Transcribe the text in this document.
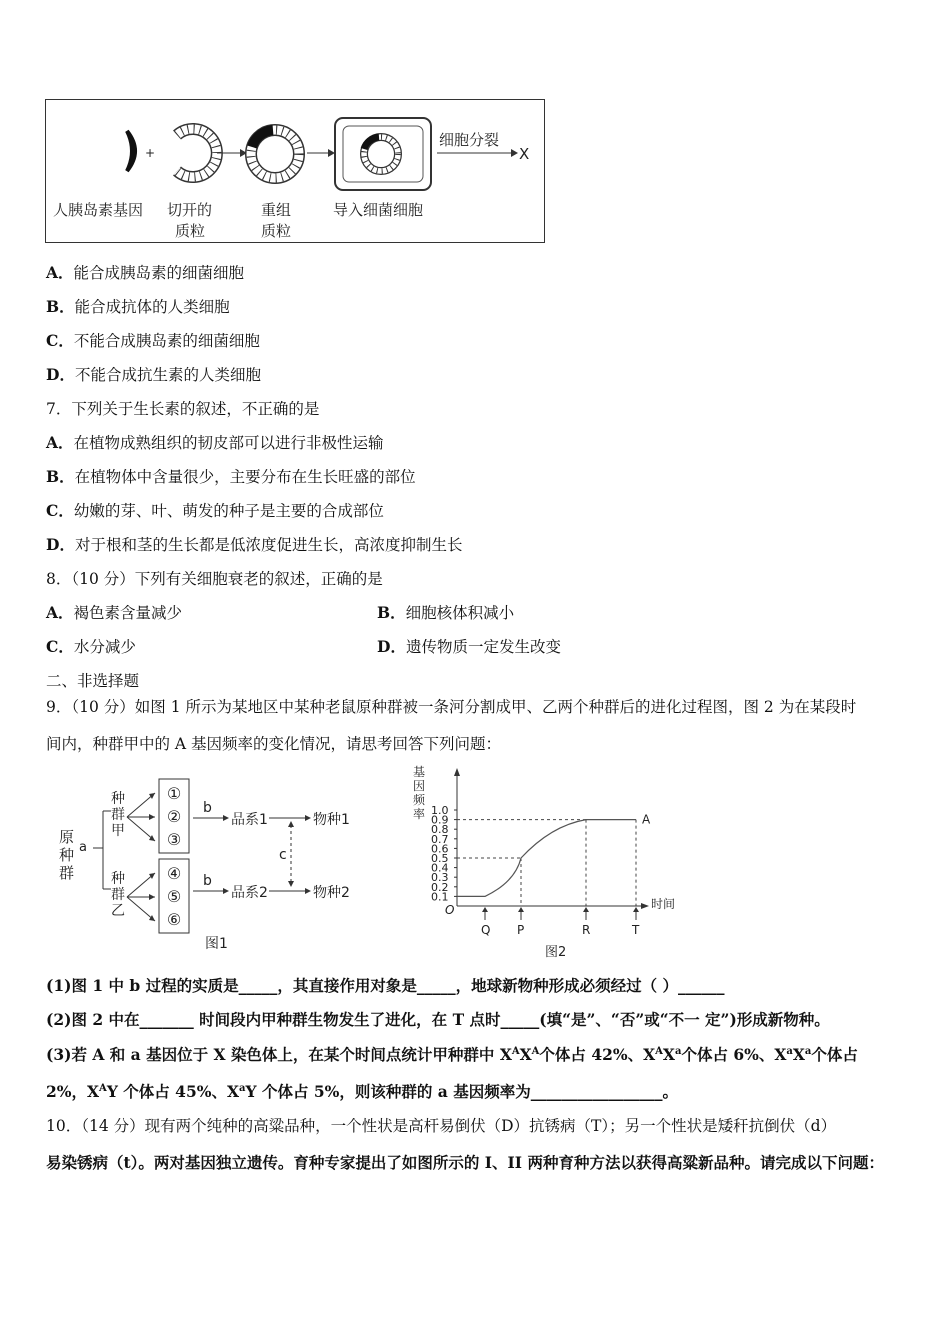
+
细胞分裂
X
人胰岛素基因 切开的
质粒
重组
质粒
导入细菌细胞
A．能合成胰岛素的细菌细胞
B．能合成抗体的人类细胞
C．不能合成胰岛素的细菌细胞
D．不能合成抗生素的人类细胞
7．下列关于生长素的叙述，不正确的是
A．在植物成熟组织的韧皮部可以进行非极性运输
B．在植物体中含量很少，主要分布在生长旺盛的部位
C．幼嫩的芽、叶、萌发的种子是主要的合成部位
D．对于根和茎的生长都是低浓度促进生长，高浓度抑制生长
8．（10 分）下列有关细胞衰老的叙述，正确的是
A．褐色素含量减少	B．细胞核体积减小
C．水分减少	D．遗传物质一定发生改变
二、非选择题
9．（10 分）如图 1 所示为某地区中某种老鼠原种群被一条河分割成甲、乙两个种群后的进化过程图，图 2 为在某段时
间内，种群甲中的 A 基因频率的变化情况，请思考回答下列问题：
原
种
群
a
种
群
甲
种
群
乙
①
②
③
④
⑤
⑥
b
b
品系1
品系2
物种1
物种2
c
图1
基
因
频
率
O	时间
1.0
0.9
0.8
0.7
0.6
0.5
0.4
0.3
0.2
0.1
Q P	R	T
A
图2
(1)图 1 中 b 过程的实质是_____，其直接作用对象是_____，地球新物种形成必须经过（ ）______
(2)图 2 中在_______ 时间段内甲种群生物发生了进化，在 T 点时_____(填“是”、“否”或“不一 定”)形成新物种。
(3)若 A 和 a 基因位于 X 染色体上，在某个时间点统计甲种群中 $X^AX^A$个体占 42%、$X^AX^a$个体占 6%、$X^aX^a$个体占
2%，$X^AY$ 个体占 45%、$X^aY$ 个体占 5%，则该种群的 a 基因频率为_________________。
10．（14 分）现有两个纯种的高粱品种，一个性状是高杆易倒伏（D）抗锈病（T）；另一个性状是矮秆抗倒伏（d）
易染锈病（t）。两对基因独立遗传。育种专家提出了如图所示的 I、II 两种育种方法以获得高粱新品种。请完成以下问题：
